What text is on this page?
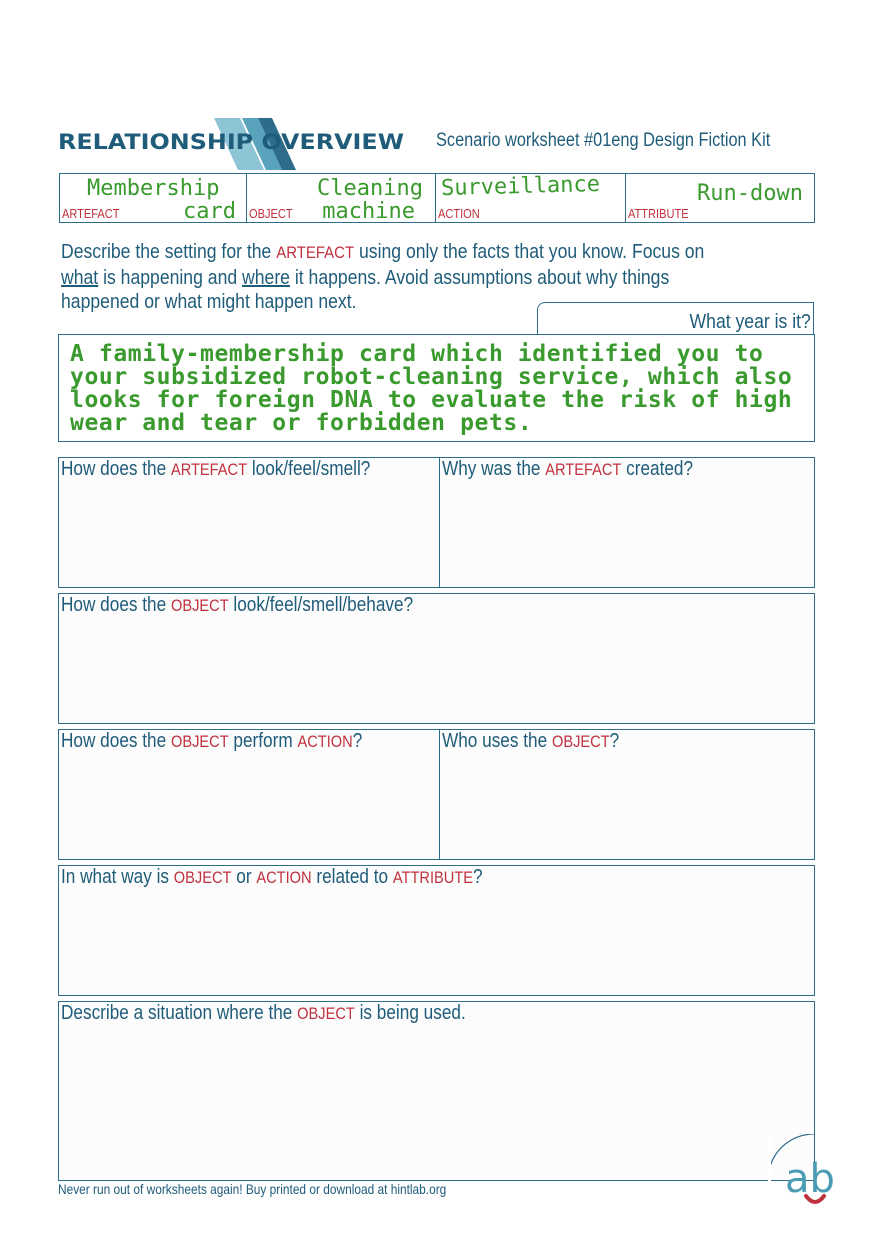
RELATIONSHIP OVERVIEW Scenario worksheet #01eng Design Fiction Kit
Membership
card
ARTEFACT
Cleaning
machine
OBJECT
Surveillance
ACTION
Run-down
ATTRIBUTE
Describe the setting for the ARTEFACT using only the facts that you know. Focus on
what is happening and where it happens. Avoid assumptions about why things
happened or what might happen next.
What year is it?
A family-membership card which identified you to your subsidized robot-cleaning service, which also looks for foreign DNA to evaluate the risk of high wear and tear or forbidden pets.
How does the ARTEFACT look/feel/smell?	Why was the ARTEFACT created?
How does the OBJECT look/feel/smell/behave?
How does the OBJECT perform ACTION?	Who uses the OBJECT?
In what way is OBJECT or ACTION related to ATTRIBUTE?
Describe a situation where the OBJECT is being used.
ab
Never run out of worksheets again! Buy printed or download at hintlab.org
